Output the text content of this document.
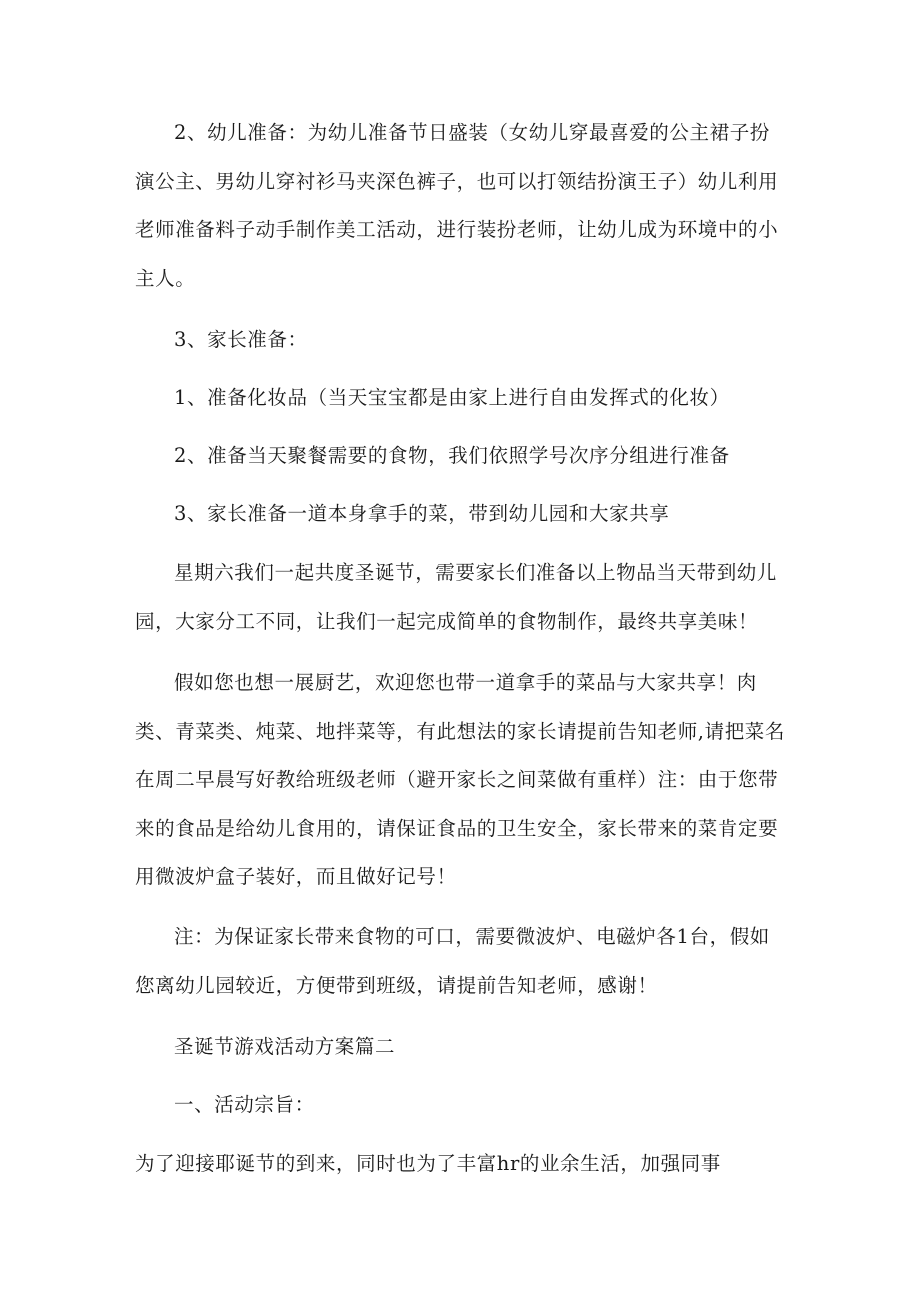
2、幼儿准备：为幼儿准备节日盛装（女幼儿穿最喜爱的公主裙子扮
演公主、男幼儿穿衬衫马夹深色裤子，也可以打领结扮演王子）幼儿利用
老师准备料子动手制作美工活动，进行装扮老师，让幼儿成为环境中的小
主人。

3、家长准备：

1、准备化妆品（当天宝宝都是由家上进行自由发挥式的化妆）

2、准备当天聚餐需要的食物，我们依照学号次序分组进行准备

3、家长准备一道本身拿手的菜，带到幼儿园和大家共享

星期六我们一起共度圣诞节，需要家长们准备以上物品当天带到幼儿
园，大家分工不同，让我们一起完成简单的食物制作，最终共享美味！
假如您也想一展厨艺，欢迎您也带一道拿手的菜品与大家共享！肉
类、青菜类、炖菜、地拌菜等，有此想法的家长请提前告知老师,请把菜名
在周二早晨写好教给班级老师（避开家长之间菜做有重样）注：由于您带
来的食品是给幼儿食用的，请保证食品的卫生安全，家长带来的菜肯定要
用微波炉盒子装好，而且做好记号！
注：为保证家长带来食物的可口，需要微波炉、电磁炉各1台，假如
您离幼儿园较近，方便带到班级，请提前告知老师，感谢！

圣诞节游戏活动方案篇二

一、活动宗旨：

为了迎接耶诞节的到来，同时也为了丰富hr的业余生活，加强同事
